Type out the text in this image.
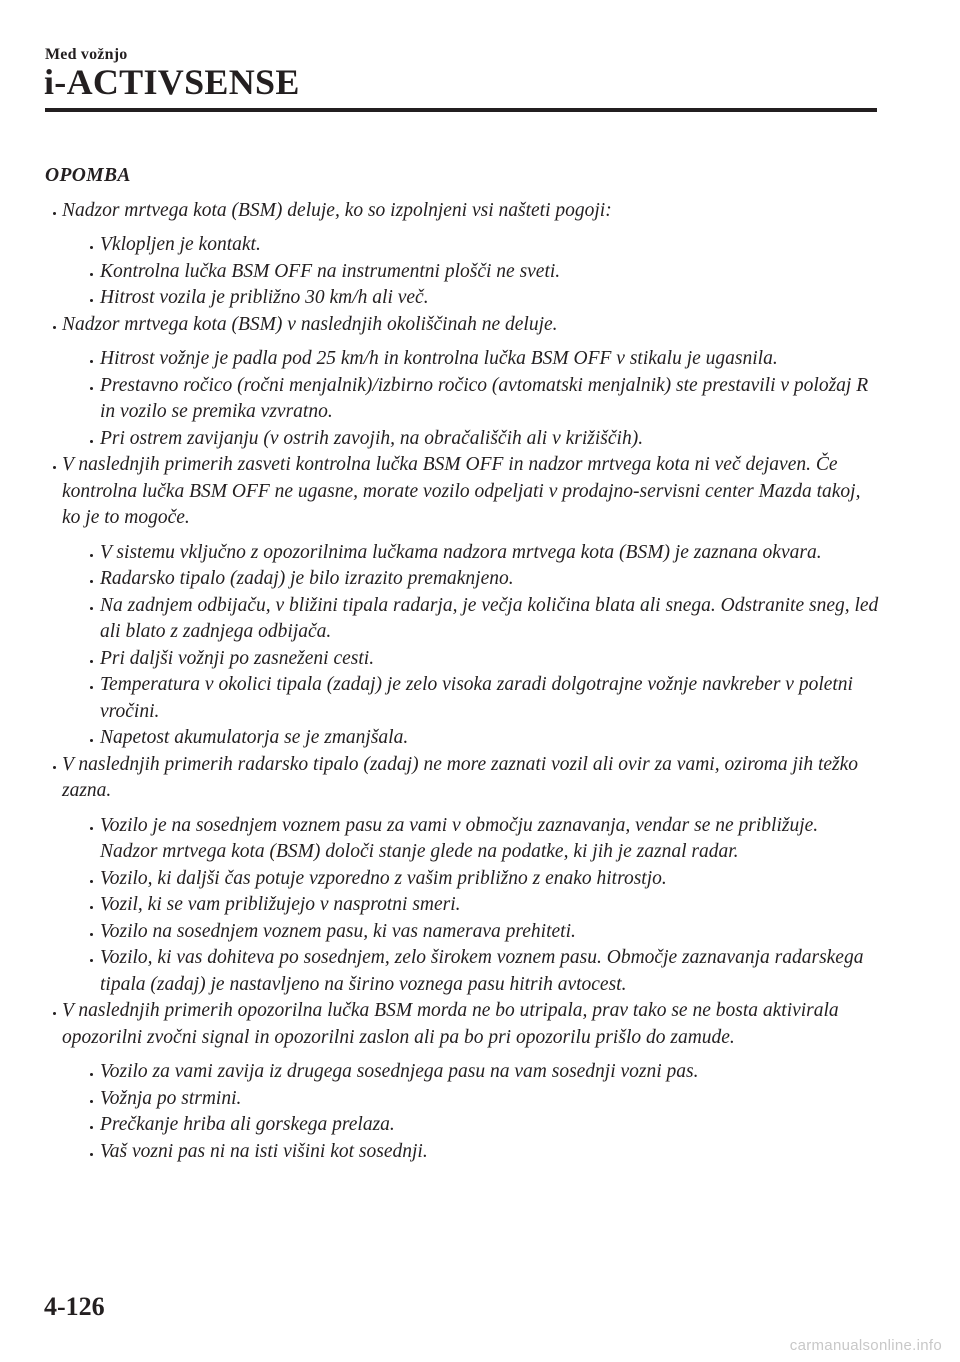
Med vožnjo
i-ACTIVSENSE
OPOMBA
Nadzor mrtvega kota (BSM) deluje, ko so izpolnjeni vsi našteti pogoji:
Vklopljen je kontakt.
Kontrolna lučka BSM OFF na instrumentni plošči ne sveti.
Hitrost vozila je približno 30 km/h ali več.
Nadzor mrtvega kota (BSM) v naslednjih okoliščinah ne deluje.
Hitrost vožnje je padla pod 25 km/h in kontrolna lučka BSM OFF v stikalu je ugasnila.
Prestavno ročico (ročni menjalnik)/izbirno ročico (avtomatski menjalnik) ste prestavili v položaj R in vozilo se premika vzvratno.
Pri ostrem zavijanju (v ostrih zavojih, na obračališčih ali v križiščih).
V naslednjih primerih zasveti kontrolna lučka BSM OFF in nadzor mrtvega kota ni več dejaven. Če kontrolna lučka BSM OFF ne ugasne, morate vozilo odpeljati v prodajno-servisni center Mazda takoj, ko je to mogoče.
V sistemu vključno z opozorilnima lučkama nadzora mrtvega kota (BSM) je zaznana okvara.
Radarsko tipalo (zadaj) je bilo izrazito premaknjeno.
Na zadnjem odbijaču, v bližini tipala radarja, je večja količina blata ali snega. Odstranite sneg, led ali blato z zadnjega odbijača.
Pri daljši vožnji po zasneženi cesti.
Temperatura v okolici tipala (zadaj) je zelo visoka zaradi dolgotrajne vožnje navkreber v poletni vročini.
Napetost akumulatorja se je zmanjšala.
V naslednjih primerih radarsko tipalo (zadaj) ne more zaznati vozil ali ovir za vami, oziroma jih težko zazna.
Vozilo je na sosednjem voznem pasu za vami v območju zaznavanja, vendar se ne približuje. Nadzor mrtvega kota (BSM) določi stanje glede na podatke, ki jih je zaznal radar.
Vozilo, ki daljši čas potuje vzporedno z vašim približno z enako hitrostjo.
Vozil, ki se vam približujejo v nasprotni smeri.
Vozilo na sosednjem voznem pasu, ki vas namerava prehiteti.
Vozilo, ki vas dohiteva po sosednjem, zelo širokem voznem pasu. Območje zaznavanja radarskega tipala (zadaj) je nastavljeno na širino voznega pasu hitrih avtocest.
V naslednjih primerih opozorilna lučka BSM morda ne bo utripala, prav tako se ne bosta aktivirala opozorilni zvočni signal in opozorilni zaslon ali pa bo pri opozorilu prišlo do zamude.
Vozilo za vami zavija iz drugega sosednjega pasu na vam sosednji vozni pas.
Vožnja po strmini.
Prečkanje hriba ali gorskega prelaza.
Vaš vozni pas ni na isti višini kot sosednji.
4-126
carmanualsonline.info
